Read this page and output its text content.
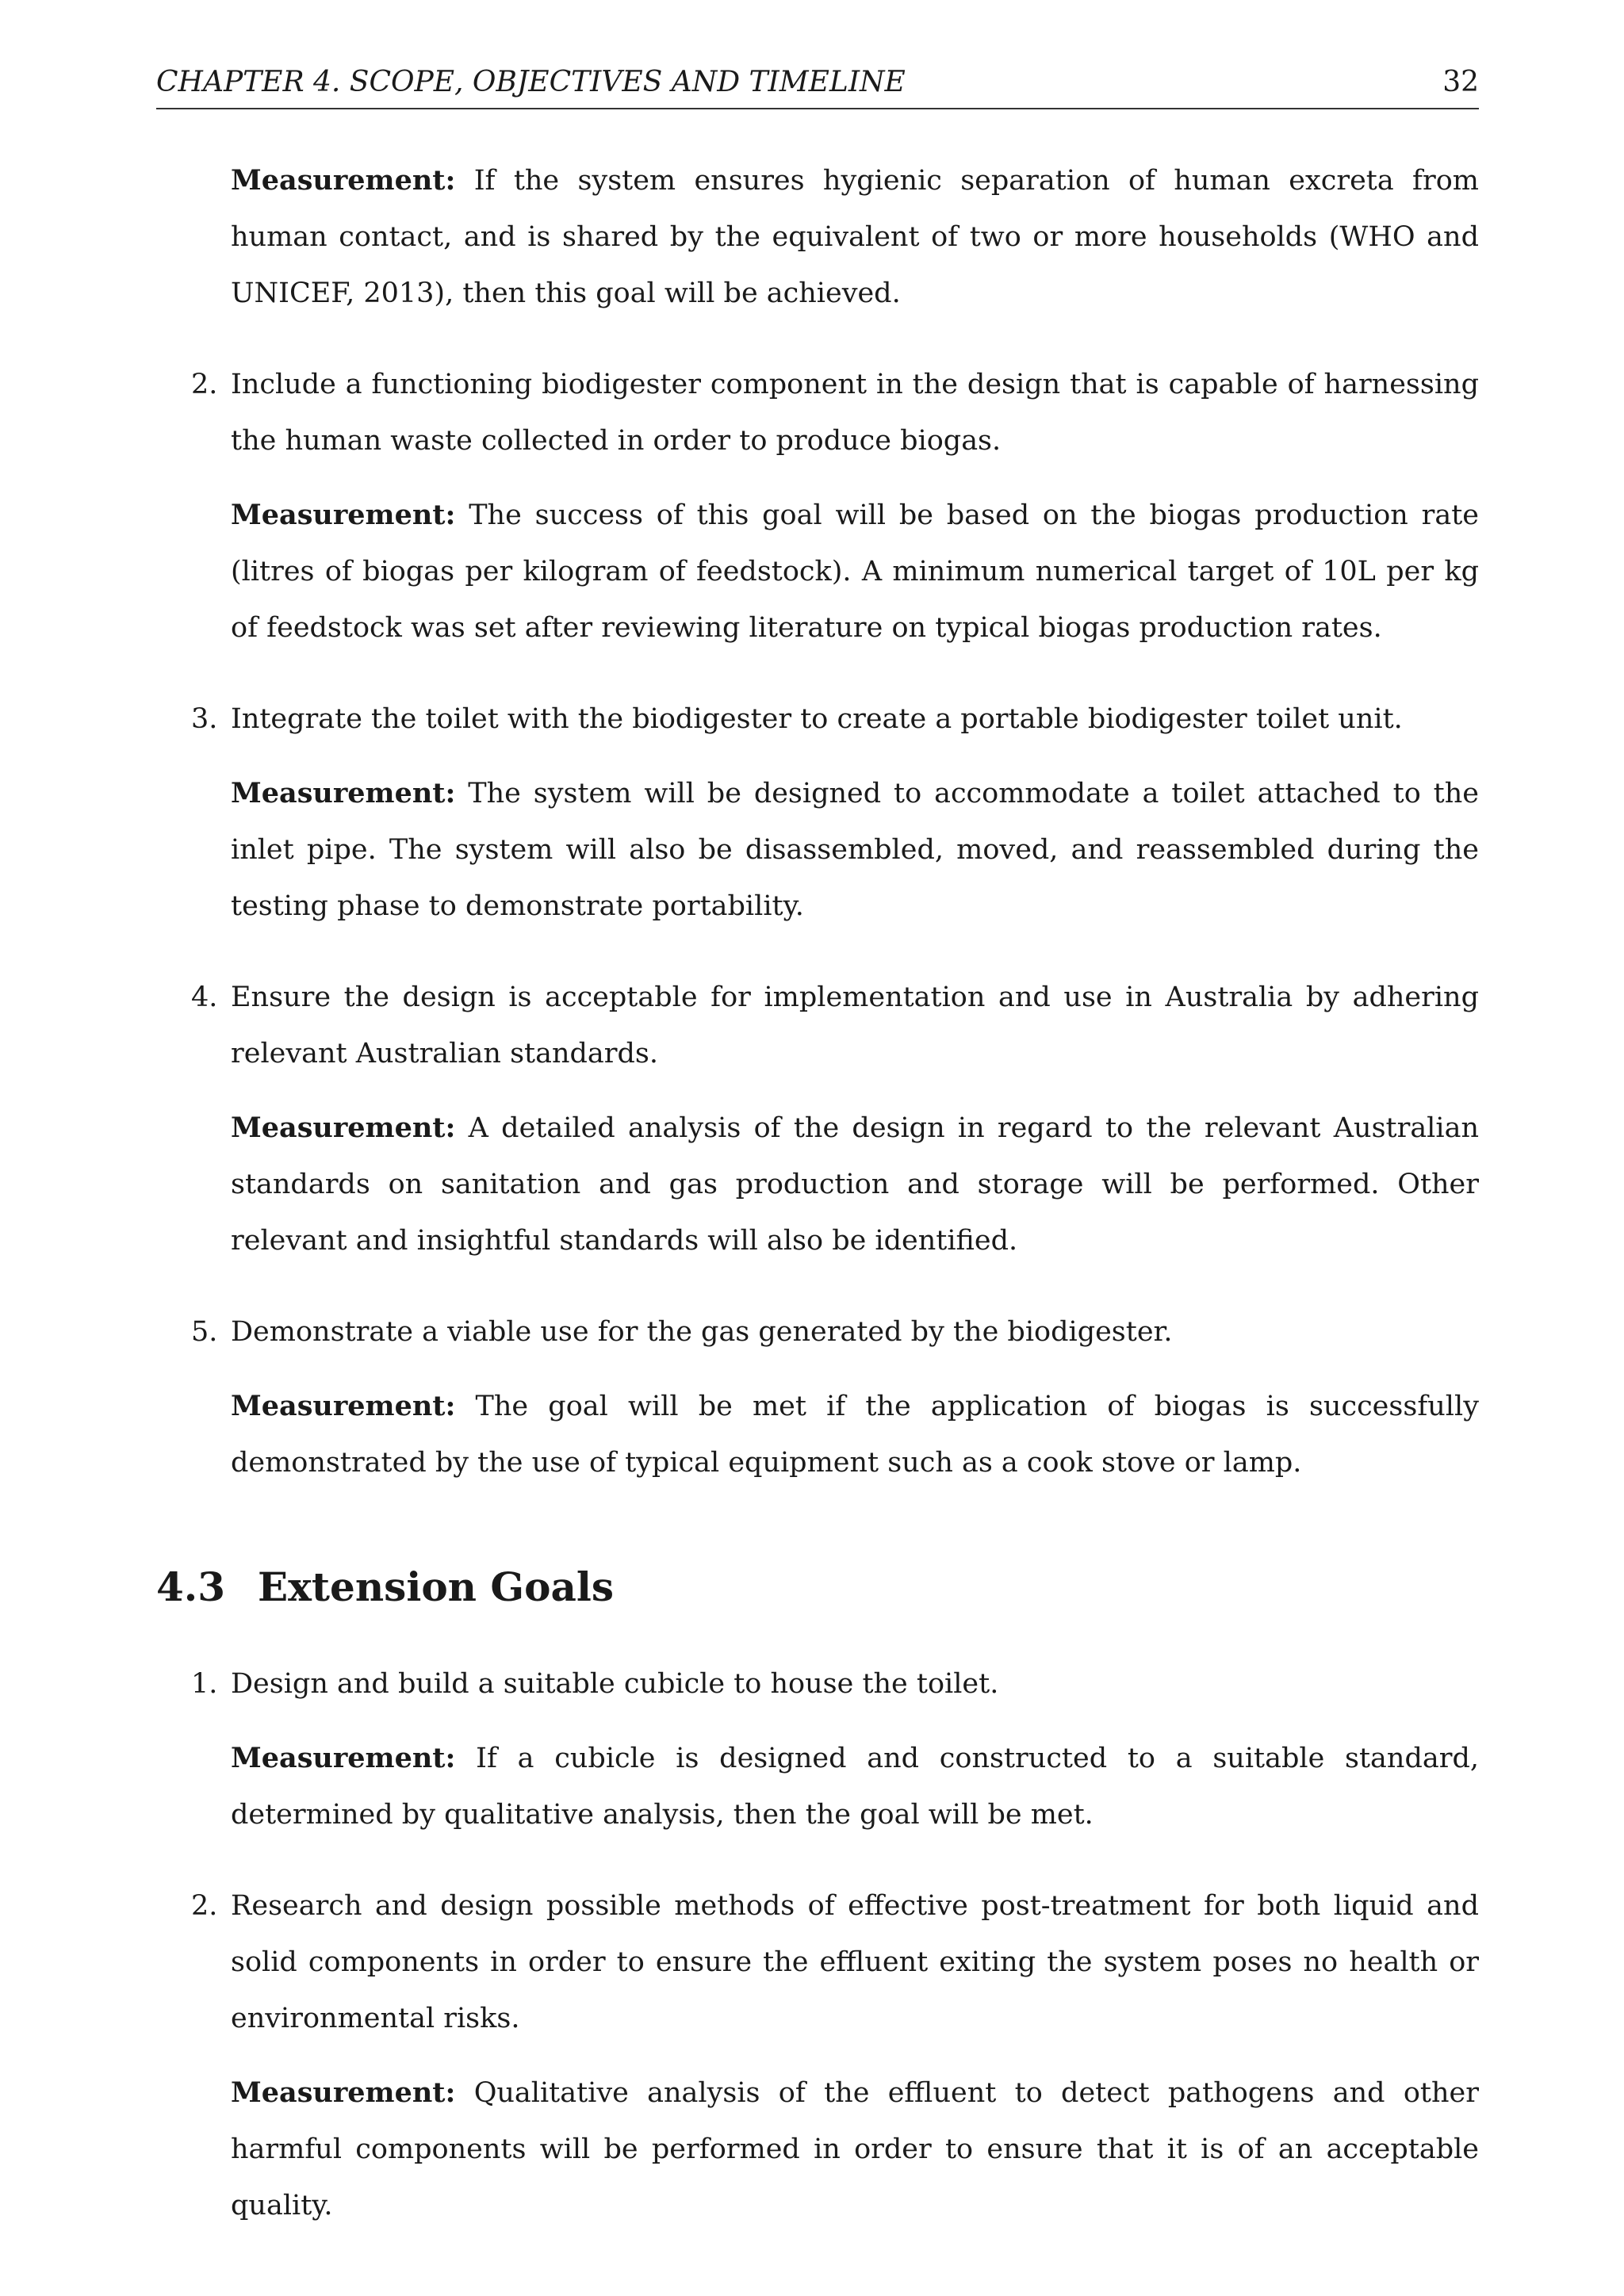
CHAPTER 4. SCOPE, OBJECTIVES AND TIMELINE	32

Measurement: If the system ensures hygienic separation of human excreta from human contact, and is shared by the equivalent of two or more households (WHO and UNICEF, 2013), then this goal will be achieved.

2. Include a functioning biodigester component in the design that is capable of harnessing the human waste collected in order to produce biogas.

Measurement: The success of this goal will be based on the biogas production rate (litres of biogas per kilogram of feedstock). A minimum numerical target of 10L per kg of feedstock was set after reviewing literature on typical biogas production rates.

3. Integrate the toilet with the biodigester to create a portable biodigester toilet unit.

Measurement: The system will be designed to accommodate a toilet attached to the inlet pipe. The system will also be disassembled, moved, and reassembled during the testing phase to demonstrate portability.

4. Ensure the design is acceptable for implementation and use in Australia by adhering relevant Australian standards.

Measurement: A detailed analysis of the design in regard to the relevant Australian standards on sanitation and gas production and storage will be performed. Other relevant and insightful standards will also be identified.

5. Demonstrate a viable use for the gas generated by the biodigester.

Measurement: The goal will be met if the application of biogas is successfully demonstrated by the use of typical equipment such as a cook stove or lamp.

4.3 Extension Goals
1. Design and build a suitable cubicle to house the toilet.

Measurement: If a cubicle is designed and constructed to a suitable standard, determined by qualitative analysis, then the goal will be met.

2. Research and design possible methods of effective post-treatment for both liquid and solid components in order to ensure the effluent exiting the system poses no health or environmental risks.

Measurement: Qualitative analysis of the effluent to detect pathogens and other harmful components will be performed in order to ensure that it is of an acceptable quality.
